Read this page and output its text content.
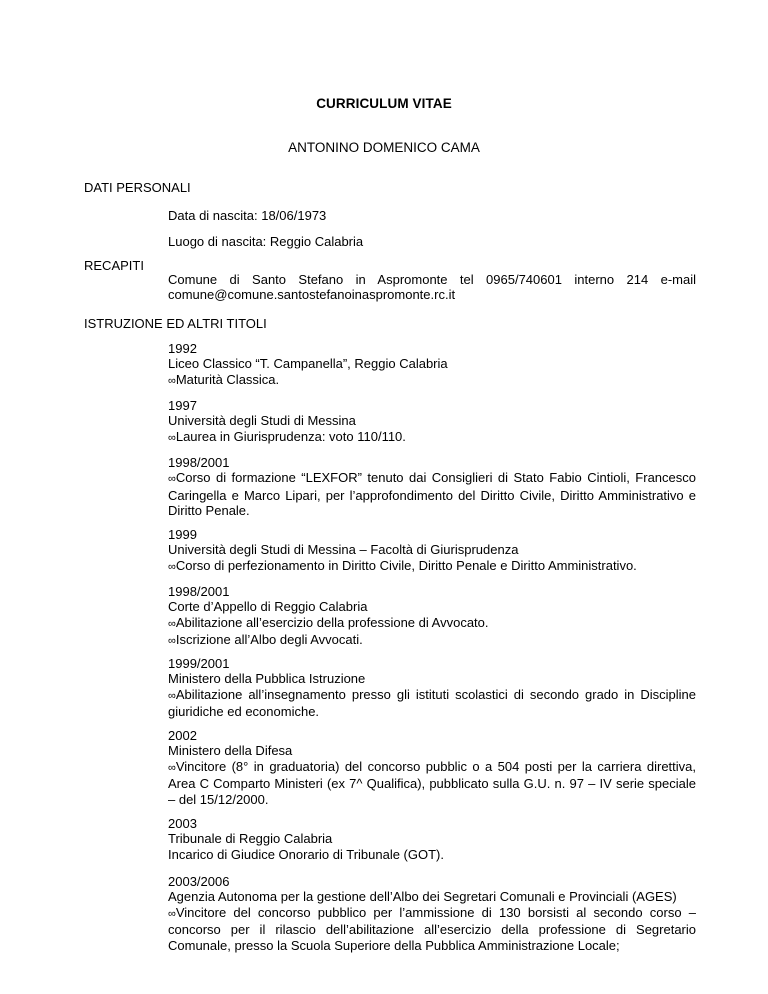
CURRICULUM VITAE
ANTONINO DOMENICO CAMA
DATI PERSONALI
Data di nascita: 18/06/1973
Luogo di nascita: Reggio Calabria
RECAPITI
Comune di Santo Stefano in Aspromonte tel 0965/740601 interno 214 e-mail comune@comune.santostefanoinaspromonte.rc.it
ISTRUZIONE ED ALTRI TITOLI

1992

Liceo Classico “T. Campanella”, Reggio Calabria

∞ Maturità Classica.

1997

Università degli Studi di Messina

∞ Laurea in Giurisprudenza: voto 110/110.

1998/2001

∞ Corso di formazione “LEXFOR” tenuto dai Consiglieri di Stato Fabio Cintioli, Francesco Caringella e Marco Lipari, per l’approfondimento del Diritto Civile, Diritto Amministrativo e Diritto Penale.

1999

Università degli Studi di Messina – Facoltà di Giurisprudenza

∞ Corso di perfezionamento in Diritto Civile, Diritto Penale e Diritto Amministrativo.

1998/2001

Corte d’Appello di Reggio Calabria

∞ Abilitazione all’esercizio della professione di Avvocato.

∞ Iscrizione all’Albo degli Avvocati.

1999/2001

Ministero della Pubblica Istruzione

∞ Abilitazione all’insegnamento presso gli istituti scolastici di secondo grado in Discipline giuridiche ed economiche.

2002

Ministero della Difesa

∞ Vincitore (8° in graduatoria) del concorso pubblic o a 504 posti per la carriera direttiva, Area C Comparto Ministeri (ex 7^ Qualifica), pubblicato sulla G.U. n. 97 – IV serie speciale – del 15/12/2000.

2003

Tribunale di Reggio Calabria

Incarico di Giudice Onorario di Tribunale (GOT).

2003/2006

Agenzia Autonoma per la gestione dell’Albo dei Segretari Comunali e Provinciali (AGES)

∞ Vincitore del concorso pubblico per l’ammissione di 130 borsisti al secondo corso – concorso per il rilascio dell’abilitazione all’esercizio della professione di Segretario Comunale, presso la Scuola Superiore della Pubblica Amministrazione Locale;
